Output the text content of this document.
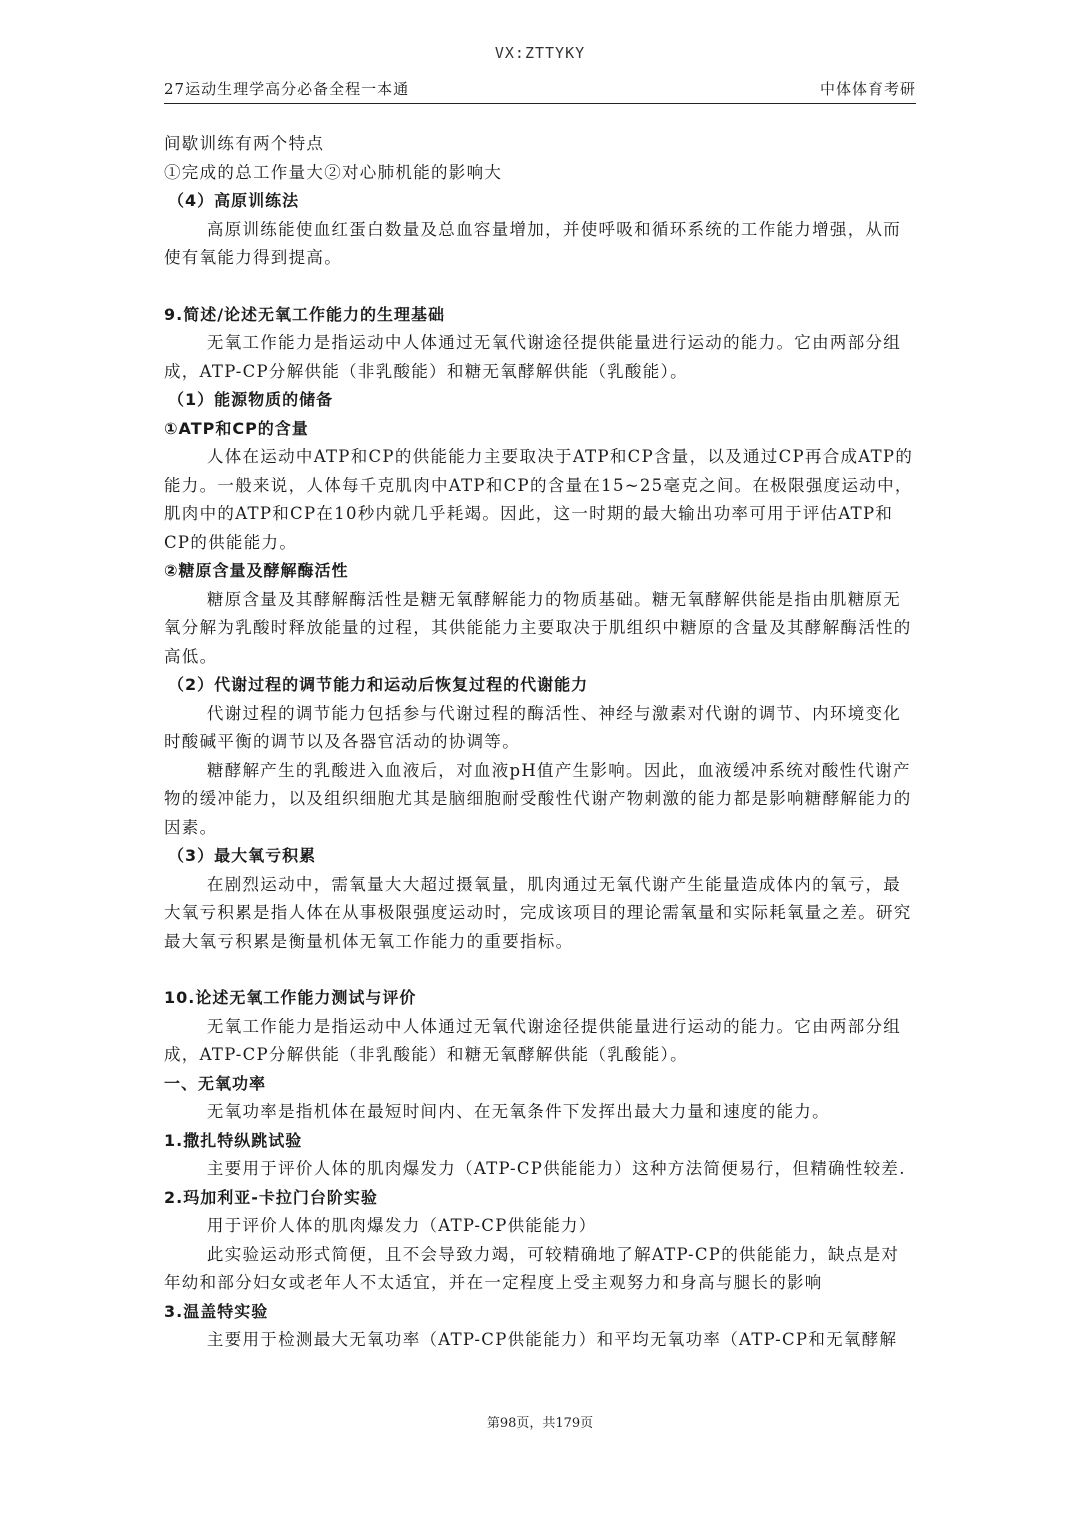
VX:ZTTYKY
27运动生理学高分必备全程一本通	中体体育考研

间歇训练有两个特点

①完成的总工作量大②对心肺机能的影响大

（4）高原训练法

高原训练能使血红蛋白数量及总血容量增加，并使呼吸和循环系统的工作能力增强，从而使有氧能力得到提高。

9.简述/论述无氧工作能力的生理基础

无氧工作能力是指运动中人体通过无氧代谢途径提供能量进行运动的能力。它由两部分组成，ATP-CP分解供能（非乳酸能）和糖无氧酵解供能（乳酸能）。

（1）能源物质的储备

①ATP和CP的含量

人体在运动中ATP和CP的供能能力主要取决于ATP和CP含量，以及通过CP再合成ATP的能力。一般来说，人体每千克肌肉中ATP和CP的含量在15~25毫克之间。在极限强度运动中，肌肉中的ATP和CP在10秒内就几乎耗竭。因此，这一时期的最大输出功率可用于评估ATP和CP的供能能力。

②糖原含量及酵解酶活性

糖原含量及其酵解酶活性是糖无氧酵解能力的物质基础。糖无氧酵解供能是指由肌糖原无氧分解为乳酸时释放能量的过程，其供能能力主要取决于肌组织中糖原的含量及其酵解酶活性的高低。

（2）代谢过程的调节能力和运动后恢复过程的代谢能力

代谢过程的调节能力包括参与代谢过程的酶活性、神经与激素对代谢的调节、内环境变化时酸碱平衡的调节以及各器官活动的协调等。

糖酵解产生的乳酸进入血液后，对血液pH值产生影响。因此，血液缓冲系统对酸性代谢产物的缓冲能力，以及组织细胞尤其是脑细胞耐受酸性代谢产物刺激的能力都是影响糖酵解能力的因素。

（3）最大氧亏积累

在剧烈运动中，需氧量大大超过摄氧量，肌肉通过无氧代谢产生能量造成体内的氧亏，最大氧亏积累是指人体在从事极限强度运动时，完成该项目的理论需氧量和实际耗氧量之差。研究最大氧亏积累是衡量机体无氧工作能力的重要指标。

10.论述无氧工作能力测试与评价

无氧工作能力是指运动中人体通过无氧代谢途径提供能量进行运动的能力。它由两部分组成，ATP-CP分解供能（非乳酸能）和糖无氧酵解供能（乳酸能）。

一、无氧功率

无氧功率是指机体在最短时间内、在无氧条件下发挥出最大力量和速度的能力。

1.撒扎特纵跳试验

主要用于评价人体的肌肉爆发力（ATP-CP供能能力）这种方法简便易行，但精确性较差.

2.玛加利亚-卡拉门台阶实验

用于评价人体的肌肉爆发力（ATP-CP供能能力）

此实验运动形式简便，且不会导致力竭，可较精确地了解ATP-CP的供能能力，缺点是对年幼和部分妇女或老年人不太适宜，并在一定程度上受主观努力和身高与腿长的影响

3.温盖特实验

主要用于检测最大无氧功率（ATP-CP供能能力）和平均无氧功率（ATP-CP和无氧酵解

第98页，共179页
